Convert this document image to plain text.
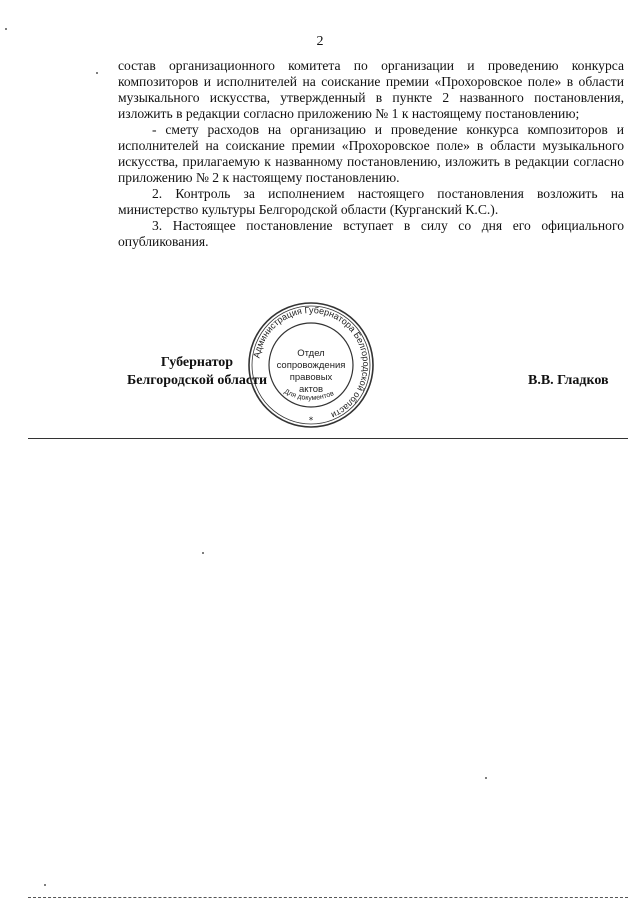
2

состав организационного комитета по организации и проведению конкурса композиторов и исполнителей на соискание премии «Прохоровское поле» в области музыкального искусства, утвержденный в пункте 2 названного постановления, изложить в редакции согласно приложению № 1 к настоящему постановлению;

- смету расходов на организацию и проведение конкурса композиторов и исполнителей на соискание премии «Прохоровское поле» в области музыкального искусства, прилагаемую к названному постановлению, изложить в редакции согласно приложению № 2 к настоящему постановлению.

2. Контроль за исполнением настоящего постановления возложить на министерство культуры Белгородской области (Курганский К.С.).

3. Настоящее постановление вступает в силу со дня его официального опубликования.

Администрация Губернатора Белгородской области
Для документов
*
Отдел
сопровождения
правовых
актов
Губернатор
Белгородской области	В.В. Гладков
